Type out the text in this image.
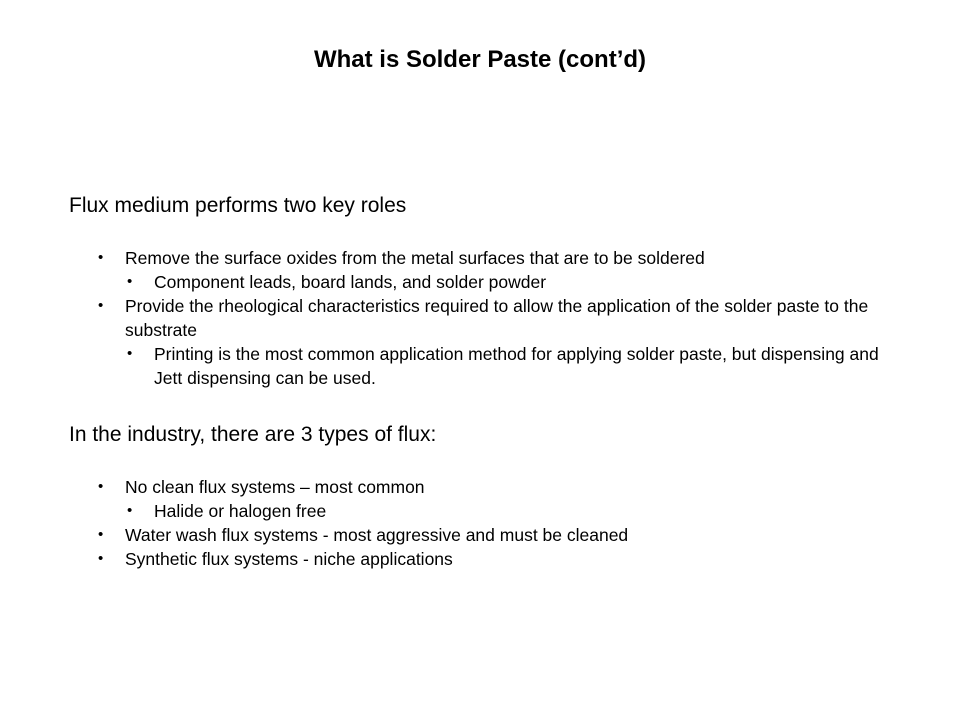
What is Solder Paste (cont’d)
Flux medium performs two key roles
• Remove the surface oxides from the metal surfaces that are to be soldered
• Component leads, board lands, and solder powder
• Provide the rheological characteristics required to allow the application of the solder paste to the substrate
• Printing is the most common application method for applying solder paste, but dispensing and Jett dispensing can be used.
In the industry, there are 3 types of flux:
• No clean flux systems – most common
• Halide or halogen free
• Water wash flux systems - most aggressive and must be cleaned
• Synthetic flux systems - niche applications
